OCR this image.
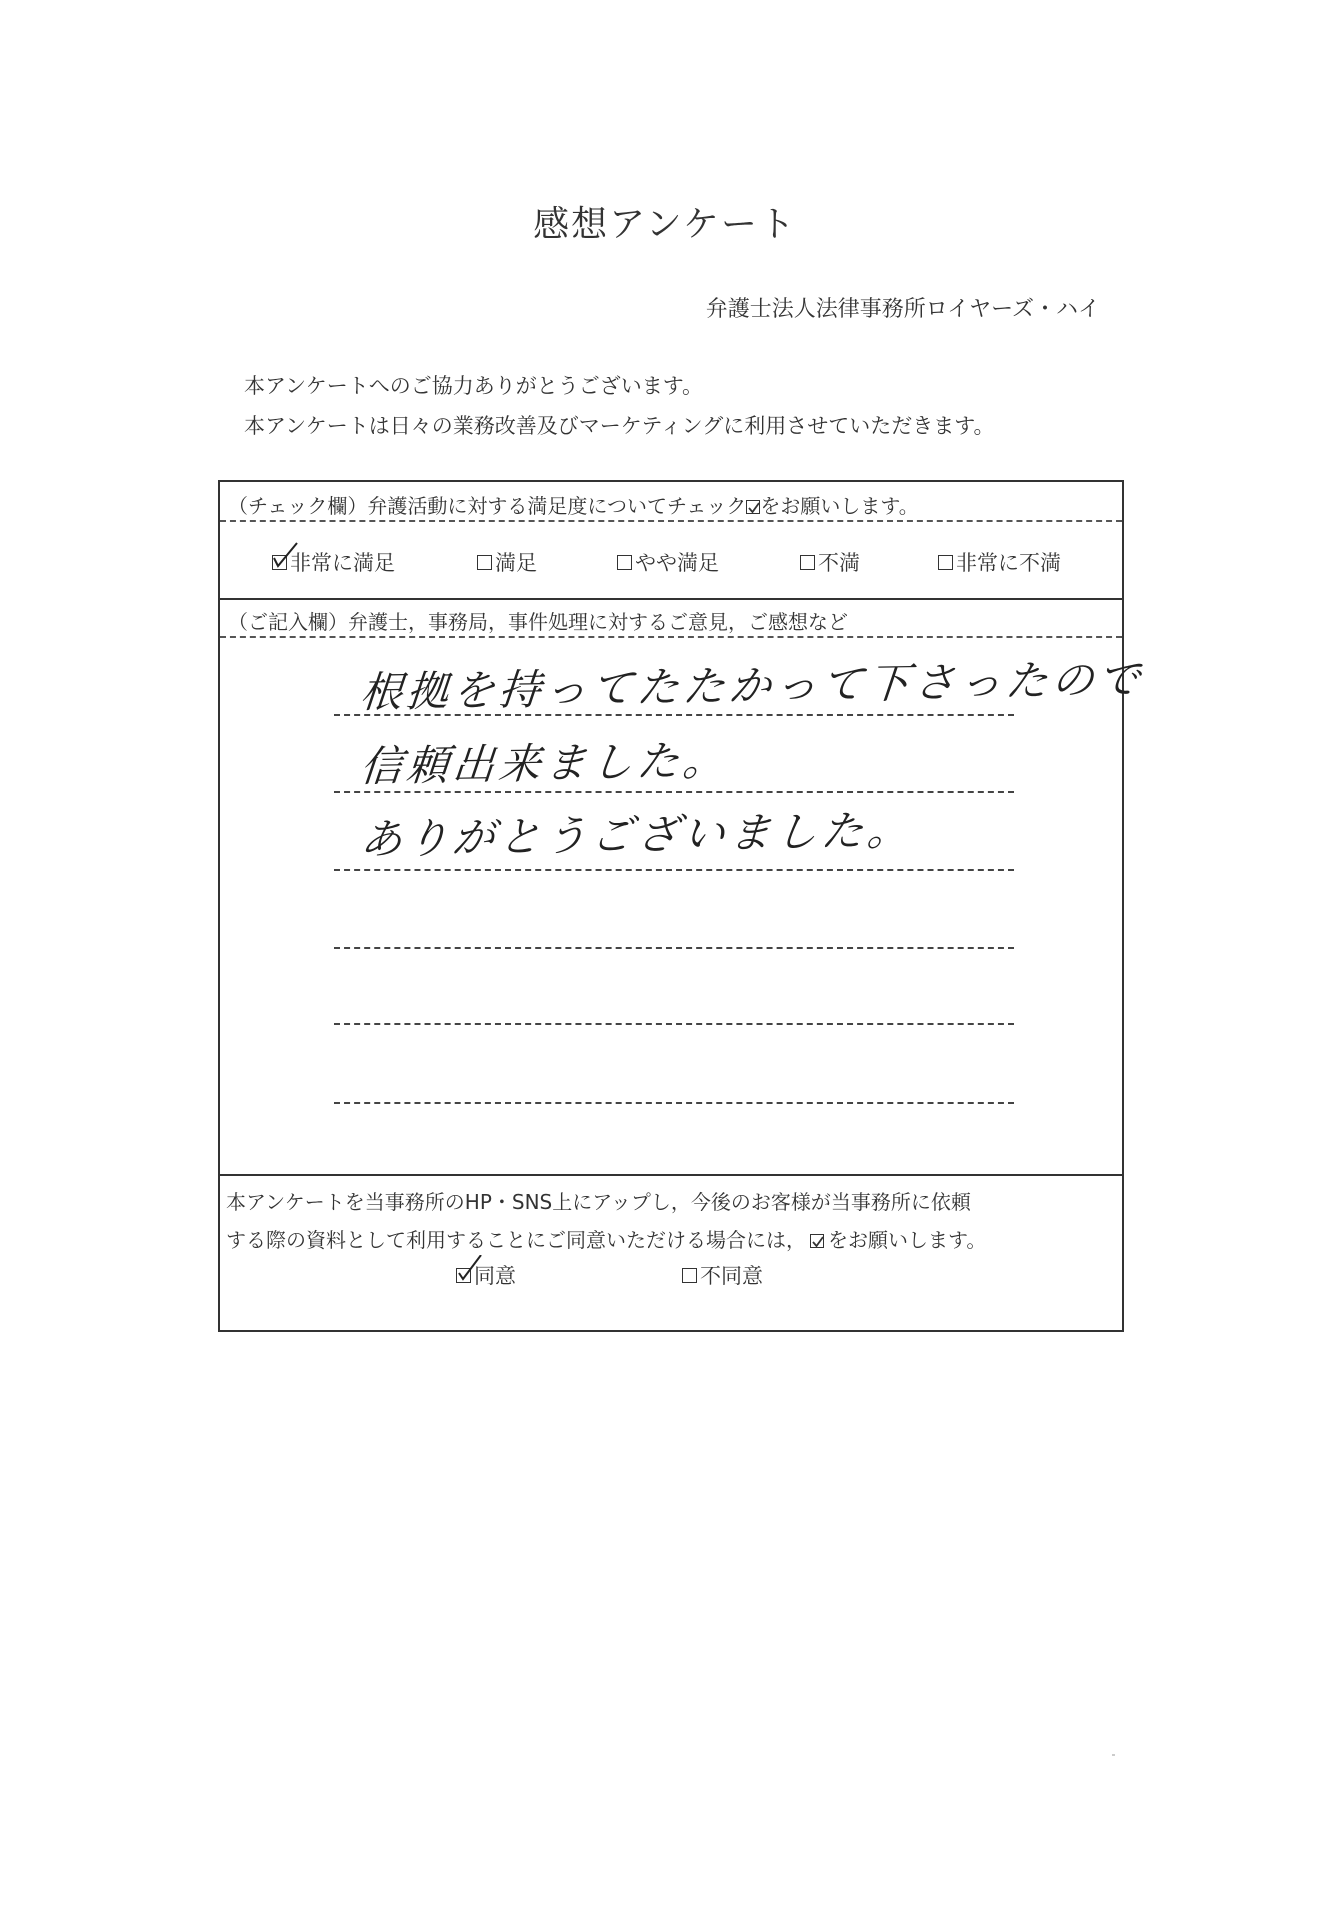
感想アンケート
弁護士法人法律事務所ロイヤーズ・ハイ
本アンケートへのご協力ありがとうございます。
本アンケートは日々の業務改善及びマーケティングに利用させていただきます。
（チェック欄）弁護活動に対する満足度についてチェック をお願いします。
非常に満足	満足	やや満足	不満	非常に不満
（ご記入欄）弁護士，事務局，事件処理に対するご意見，ご感想など
根拠を持ってたたかって下さったので
信頼出来ました。
ありがとうございました。
本アンケートを当事務所のHP・SNS上にアップし，今後のお客様が当事務所に依頼
する際の資料として利用することにご同意いただける場合には， をお願いします。
同意	不同意
